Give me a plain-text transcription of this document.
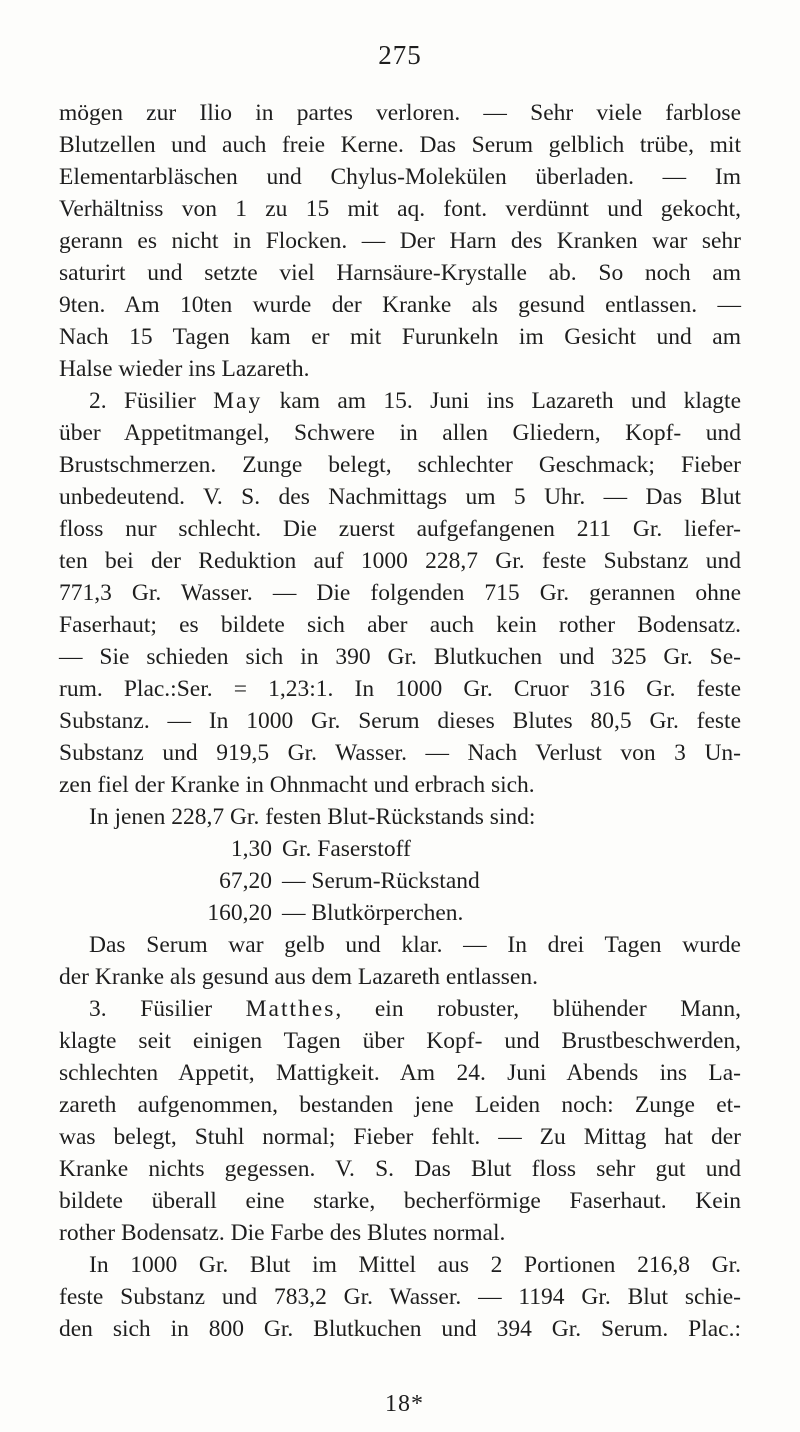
275
mögen zur Ilio in partes verloren. — Sehr viele farblose
Blutzellen und auch freie Kerne. Das Serum gelblich trübe, mit
Elementarbläschen und Chylus-Molekülen überladen. — Im
Verhältniss von 1 zu 15 mit aq. font. verdünnt und gekocht,
gerann es nicht in Flocken. — Der Harn des Kranken war sehr
saturirt und setzte viel Harnsäure-Krystalle ab. So noch am
9ten. Am 10ten wurde der Kranke als gesund entlassen. —
Nach 15 Tagen kam er mit Furunkeln im Gesicht und am
Halse wieder ins Lazareth.
2. Füsilier May kam am 15. Juni ins Lazareth und klagte
über Appetitmangel, Schwere in allen Gliedern, Kopf- und
Brustschmerzen. Zunge belegt, schlechter Geschmack; Fieber
unbedeutend. V. S. des Nachmittags um 5 Uhr. — Das Blut
floss nur schlecht. Die zuerst aufgefangenen 211 Gr. liefer-
ten bei der Reduktion auf 1000 228,7 Gr. feste Substanz und
771,3 Gr. Wasser. — Die folgenden 715 Gr. gerannen ohne
Faserhaut; es bildete sich aber auch kein rother Bodensatz.
— Sie schieden sich in 390 Gr. Blutkuchen und 325 Gr. Se-
rum. Plac.:Ser. = 1,23:1. In 1000 Gr. Cruor 316 Gr. feste
Substanz. — In 1000 Gr. Serum dieses Blutes 80,5 Gr. feste
Substanz und 919,5 Gr. Wasser. — Nach Verlust von 3 Un-
zen fiel der Kranke in Ohnmacht und erbrach sich.
In jenen 228,7 Gr. festen Blut-Rückstands sind:
1,30 Gr. Faserstoff
67,20 — Serum-Rückstand
160,20 — Blutkörperchen.
Das Serum war gelb und klar. — In drei Tagen wurde
der Kranke als gesund aus dem Lazareth entlassen.
3. Füsilier Matthes, ein robuster, blühender Mann,
klagte seit einigen Tagen über Kopf- und Brustbeschwerden,
schlechten Appetit, Mattigkeit. Am 24. Juni Abends ins La-
zareth aufgenommen, bestanden jene Leiden noch: Zunge et-
was belegt, Stuhl normal; Fieber fehlt. — Zu Mittag hat der
Kranke nichts gegessen. V. S. Das Blut floss sehr gut und
bildete überall eine starke, becherförmige Faserhaut. Kein
rother Bodensatz. Die Farbe des Blutes normal.
In 1000 Gr. Blut im Mittel aus 2 Portionen 216,8 Gr.
feste Substanz und 783,2 Gr. Wasser. — 1194 Gr. Blut schie-
den sich in 800 Gr. Blutkuchen und 394 Gr. Serum. Plac.:
18*
